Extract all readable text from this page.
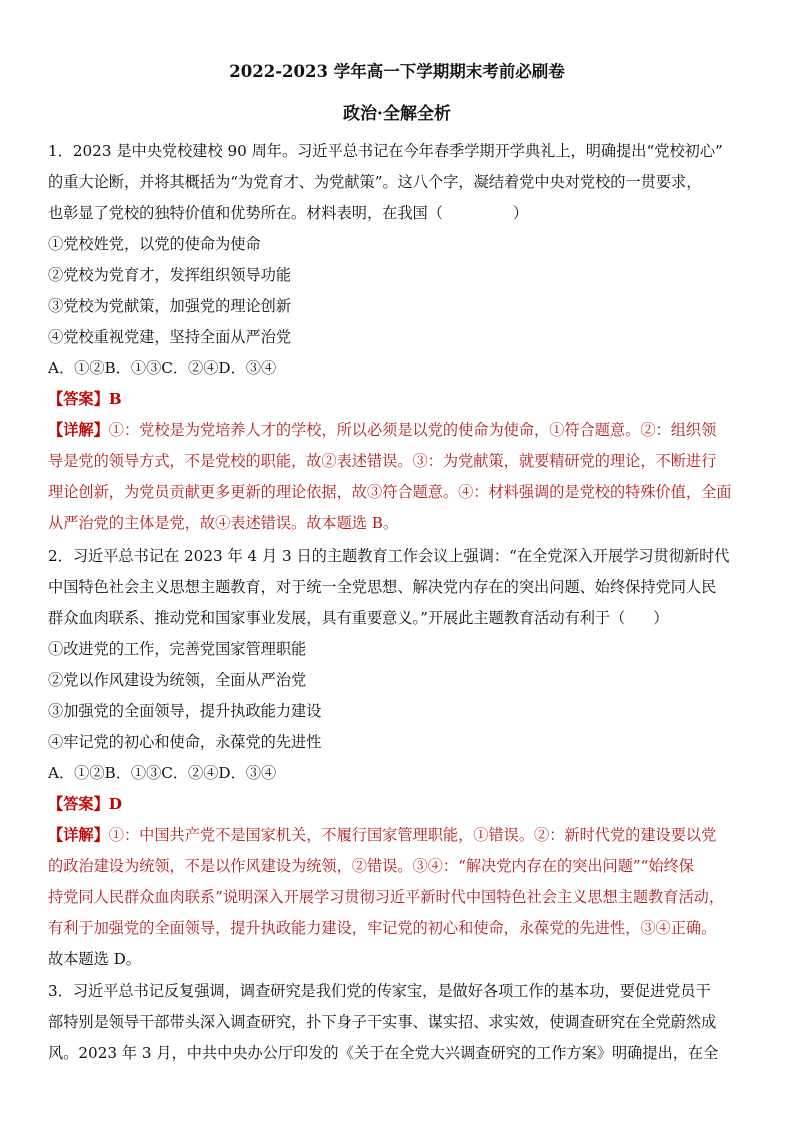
2022-2023 学年高一下学期期末考前必刷卷
政治·全解全析
1．2023 是中央党校建校 90 周年。习近平总书记在今年春季学期开学典礼上，明确提出“党校初心”
的重大论断，并将其概括为“为党育才、为党献策”。这八个字，凝结着党中央对党校的一贯要求，
也彰显了党校的独特价值和优势所在。材料表明，在我国（	）
①党校姓党，以党的使命为使命
②党校为党育才，发挥组织领导功能
③党校为党献策，加强党的理论创新
④党校重视党建，坚持全面从严治党
A．①②B．①③C．②④D．③④
【答案】B
【详解】①：党校是为党培养人才的学校，所以必须是以党的使命为使命，①符合题意。②：组织领
导是党的领导方式，不是党校的职能，故②表述错误。③：为党献策，就要精研党的理论，不断进行
理论创新，为党员贡献更多更新的理论依据，故③符合题意。④：材料强调的是党校的特殊价值，全面
从严治党的主体是党，故④表述错误。故本题选 B。
2．习近平总书记在 2023 年 4 月 3 日的主题教育工作会议上强调：“在全党深入开展学习贯彻新时代
中国特色社会主义思想主题教育，对于统一全党思想、解决党内存在的突出问题、始终保持党同人民
群众血肉联系、推动党和国家事业发展，具有重要意义。”开展此主题教育活动有利于（ ）
①改进党的工作，完善党国家管理职能
②党以作风建设为统领，全面从严治党
③加强党的全面领导，提升执政能力建设
④牢记党的初心和使命，永葆党的先进性
A．①②B．①③C．②④D．③④
【答案】D
【详解】①：中国共产党不是国家机关，不履行国家管理职能，①错误。②：新时代党的建设要以党
的政治建设为统领，不是以作风建设为统领，②错误。③④：“解决党内存在的突出问题”“始终保
持党同人民群众血肉联系”说明深入开展学习贯彻习近平新时代中国特色社会主义思想主题教育活动，
有利于加强党的全面领导，提升执政能力建设，牢记党的初心和使命，永葆党的先进性，③④正确。
故本题选 D。
3．习近平总书记反复强调，调查研究是我们党的传家宝，是做好各项工作的基本功，要促进党员干
部特别是领导干部带头深入调查研究，扑下身子干实事、谋实招、求实效，使调查研究在全党蔚然成
风。2023 年 3 月，中共中央办公厅印发的《关于在全党大兴调查研究的工作方案》明确提出，在全
